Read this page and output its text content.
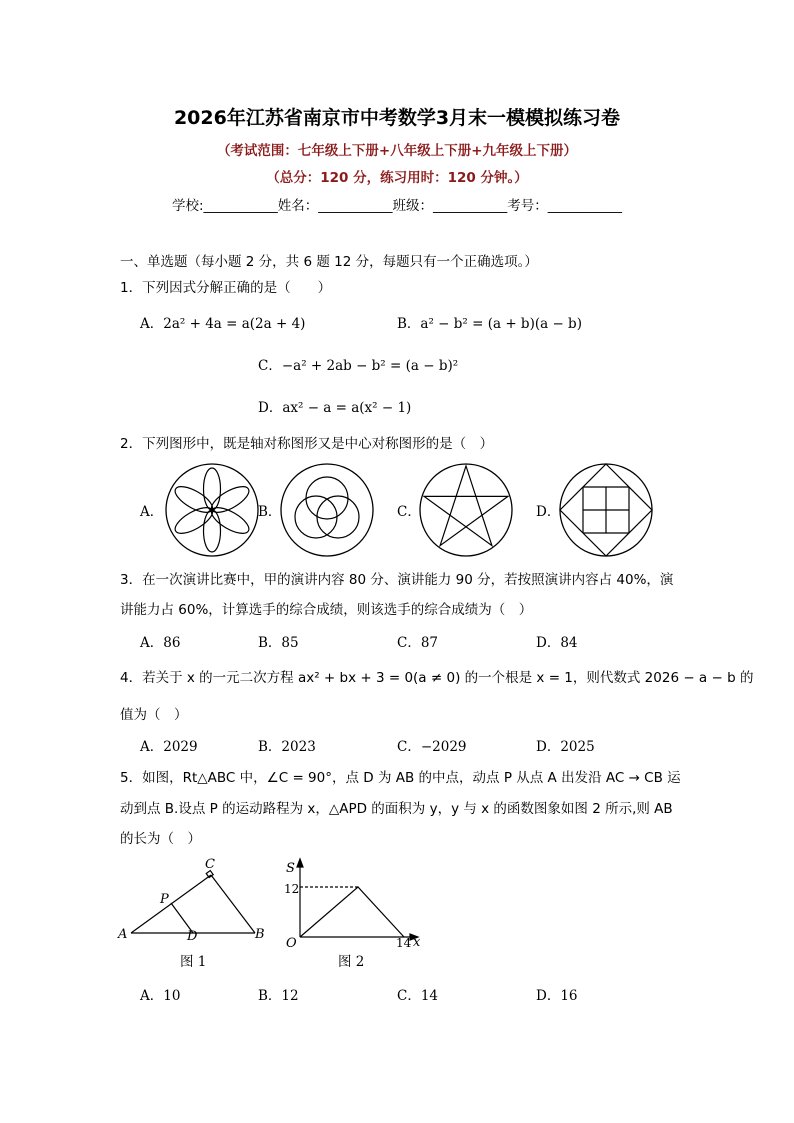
2026年江苏省南京市中考数学3月末一模模拟练习卷
（考试范围：七年级上下册+八年级上下册+九年级上下册）
（总分：120 分，练习用时：120 分钟。）
学校:___________姓名：___________班级：___________考号：___________
一、单选题（每小题 2 分，共 6 题 12 分，每题只有一个正确选项。）
1．下列因式分解正确的是（　　）
A．2a² + 4a = a(2a + 4)	B．a² − b² = (a + b)(a − b)
C．−a² + 2ab − b² = (a − b)²
D．ax² − a = a(x² − 1)
2．下列图形中，既是轴对称图形又是中心对称图形的是（　）
A．	B．	C．	D．
3．在一次演讲比赛中，甲的演讲内容 80 分、演讲能力 90 分，若按照演讲内容占 40%，演
讲能力占 60%，计算选手的综合成绩，则该选手的综合成绩为（　）
A．86	B．85	C．87	D．84
4．若关于 x 的一元二次方程 ax² + bx + 3 = 0(a ≠ 0) 的一个根是 x = 1，则代数式 2026 − a − b 的
值为（　）
A．2029	B．2023	C．−2029	D．2025
5．如图，Rt△ABC 中，∠C = 90°，点 D 为 AB 的中点，动点 P 从点 A 出发沿 AC → CB 运
动到点 B.设点 P 的运动路程为 x，△APD 的面积为 y，y 与 x 的函数图象如图 2 所示,则 AB
的长为（　）
A	B
C
D
P
图 1
S
12
O	14 x
图 2
A．10	B．12	C．14	D．16
